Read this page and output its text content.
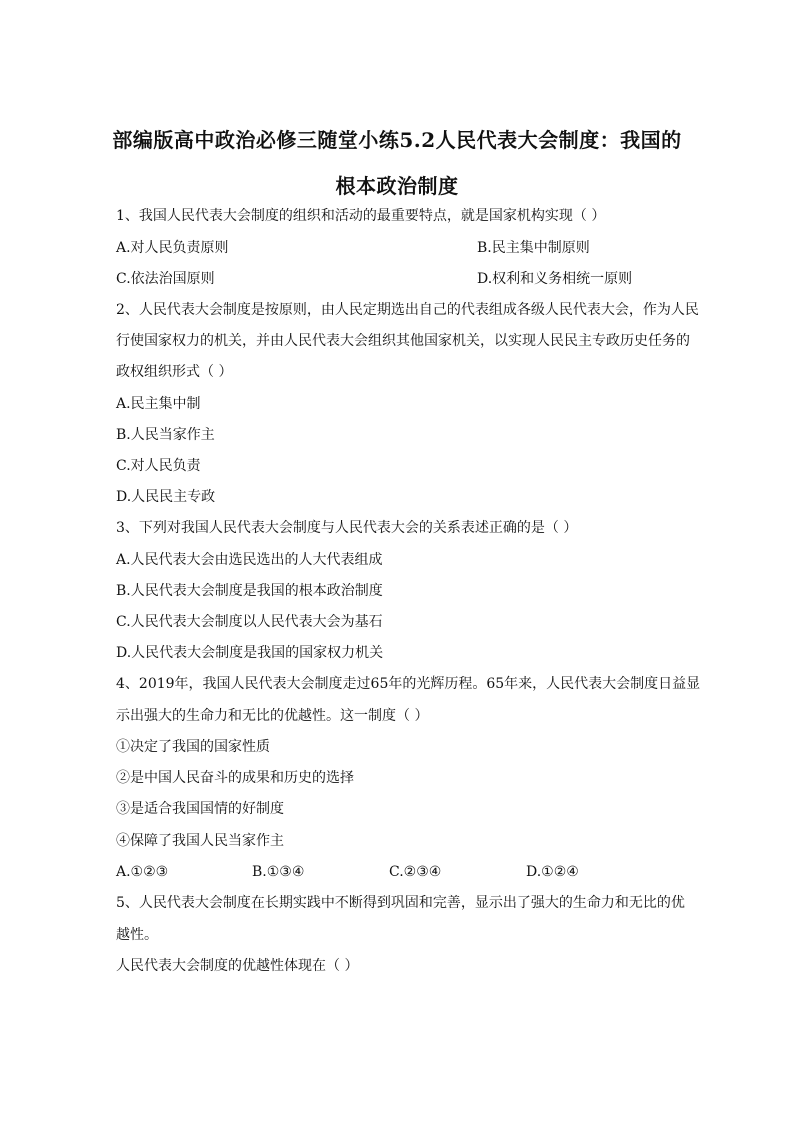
部编版高中政治必修三随堂小练5.2人民代表大会制度：我国的
根本政治制度
1、我国人民代表大会制度的组织和活动的最重要特点，就是国家机构实现（ ）
A.对人民负责原则	B.民主集中制原则
C.依法治国原则	D.权利和义务相统一原则
2、人民代表大会制度是按原则，由人民定期选出自己的代表组成各级人民代表大会，作为人民
行使国家权力的机关，并由人民代表大会组织其他国家机关，以实现人民民主专政历史任务的
政权组织形式（ ）
A.民主集中制
B.人民当家作主
C.对人民负责
D.人民民主专政
3、下列对我国人民代表大会制度与人民代表大会的关系表述正确的是（ ）
A.人民代表大会由选民选出的人大代表组成
B.人民代表大会制度是我国的根本政治制度
C.人民代表大会制度以人民代表大会为基石
D.人民代表大会制度是我国的国家权力机关
4、2019年，我国人民代表大会制度走过65年的光辉历程。65年来，人民代表大会制度日益显
示出强大的生命力和无比的优越性。这一制度（ ）
①决定了我国的国家性质
②是中国人民奋斗的成果和历史的选择
③是适合我国国情的好制度
④保障了我国人民当家作主
A.①②③	B.①③④	C.②③④	D.①②④
5、人民代表大会制度在长期实践中不断得到巩固和完善，显示出了强大的生命力和无比的优
越性。
人民代表大会制度的优越性体现在（ ）
